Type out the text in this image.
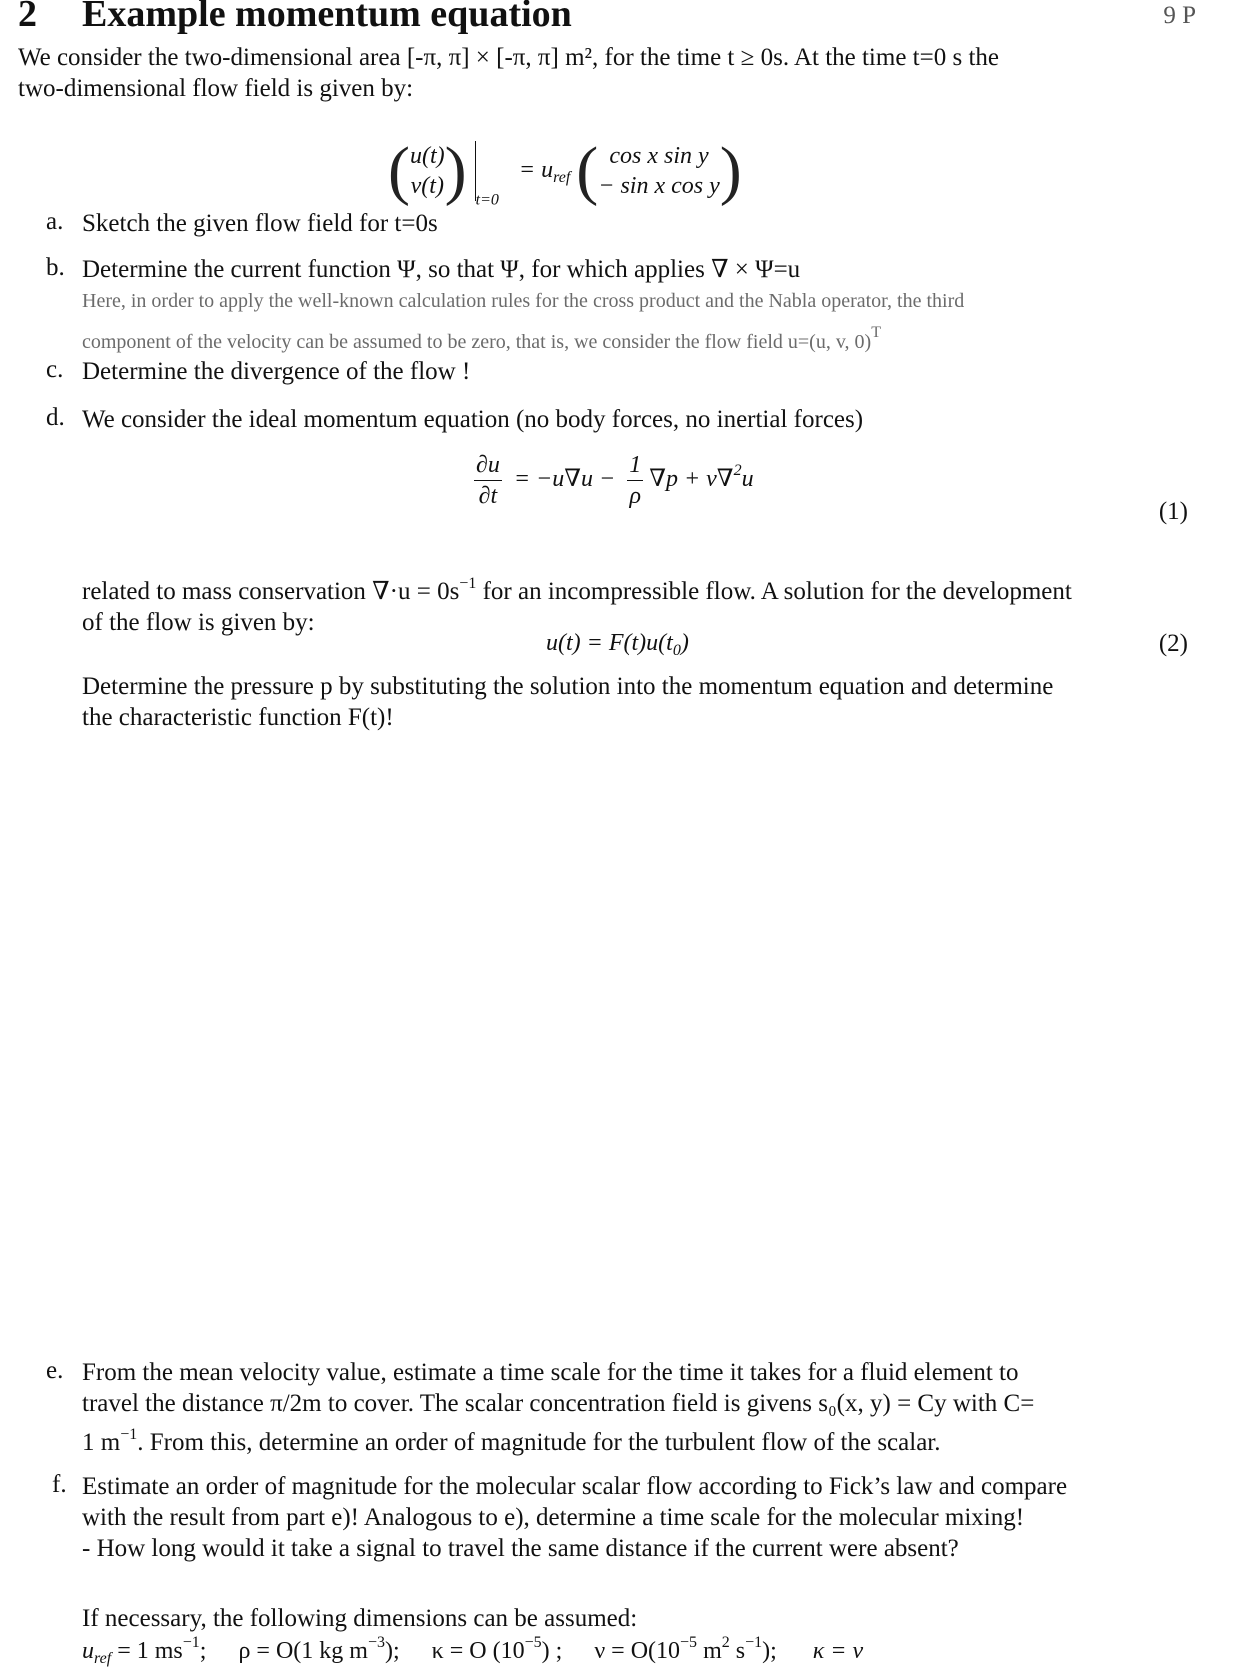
2 Example momentum equation	9 P
We consider the two-dimensional area [-π, π] × [-π, π] m², for the time t ≥ 0s. At the time t=0 s the
two-dimensional flow field is given by:
( u(t)
v(t) ) $_{t=0} = u_{ref}$ ( cos x sin y
− sin x cos y )
a. Sketch the given flow field for t=0s
b. Determine the current function Ψ, so that Ψ, for which applies ∇ × Ψ=u
Here, in order to apply the well-known calculation rules for the cross product and the Nabla operator, the third
component of the velocity can be assumed to be zero, that is, we consider the flow field u=(u, v, 0)$^T$
c. Determine the divergence of the flow !
d. We consider the ideal momentum equation (no body forces, no inertial forces)
$\frac{\partial u}{\partial t} = -u\nabla u - \frac{1}{\rho} \nabla p + \nu\nabla^2u$
(1)
related to mass conservation $\nabla\cdot u = 0s^{-1}$ for an incompressible flow. A solution for the development
of the flow is given by:
$u(t) = F(t)u(t_0)$	(2)
Determine the pressure p by substituting the solution into the momentum equation and determine
the characteristic function F(t)!
e. From the mean velocity value, estimate a time scale for the time it takes for a fluid element to
travel the distance π/2m to cover. The scalar concentration field is givens s₀(x, y) = Cy with C=
1 $m^{-1}$. From this, determine an order of magnitude for the turbulent flow of the scalar.
f. Estimate an order of magnitude for the molecular scalar flow according to Fick’s law and compare
with the result from part e)! Analogous to e), determine a time scale for the molecular mixing!
- How long would it take a signal to travel the same distance if the current were absent?
If necessary, the following dimensions can be assumed:
$u_{ref} = 1$ $ms^{-1}$; ρ = O(1 kg $m^{-3}$); κ = O $(10^{-5})$ ; $\nu = O(10^{-5}$ $m^2$ $s^{-1}$); κ = ν
